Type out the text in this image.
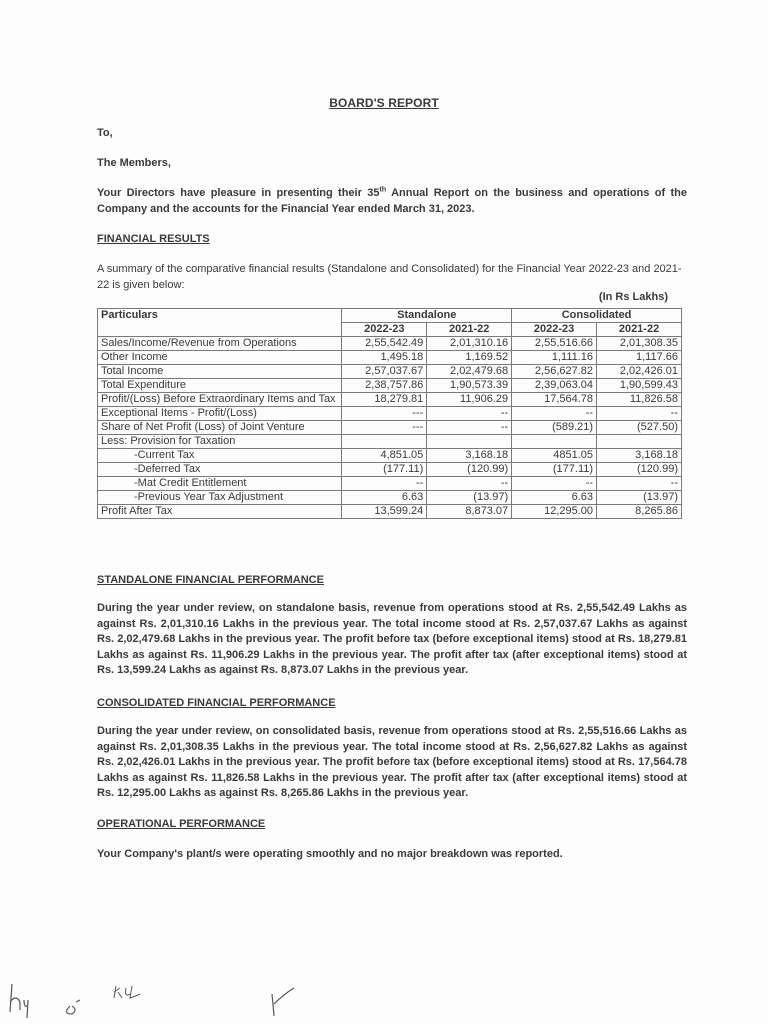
BOARD'S REPORT
To,
The Members,
Your Directors have pleasure in presenting their 35th Annual Report on the business and operations of the Company and the accounts for the Financial Year ended March 31, 2023.
FINANCIAL RESULTS
A summary of the comparative financial results (Standalone and Consolidated) for the Financial Year 2022-23 and 2021-22 is given below:
(In Rs Lakhs)
Particulars	Standalone		Consolidated	
	2022-23	2021-22	2022-23	2021-22
Sales/Income/Revenue from Operations	2,55,542.49	2,01,310.16	2,55,516.66	2,01,308.35
Other Income	1,495.18	1,169.52	1,111.16	1,117.66
Total Income	2,57,037.67	2,02,479.68	2,56,627.82	2,02,426.01
Total Expenditure	2,38,757.86	1,90,573.39	2,39,063.04	1,90,599.43
Profit/(Loss) Before Extraordinary Items and Tax	18,279.81	11,906.29	17,564.78	11,826.58
Exceptional Items - Profit/(Loss)	---	--	--	--
Share of Net Profit (Loss) of Joint Venture	---	--	(589.21)	(527.50)
Less: Provision for Taxation				
-Current Tax	4,851.05	3,168.18	4851.05	3,168.18
-Deferred Tax	(177.11)	(120.99)	(177.11)	(120.99)
-Mat Credit Entitlement	--	--	--	--
-Previous Year Tax Adjustment	6.63	(13.97)	6.63	(13.97)
Profit After Tax	13,599.24	8,873.07	12,295.00	8,265.86
STANDALONE FINANCIAL PERFORMANCE
During the year under review, on standalone basis, revenue from operations stood at Rs. 2,55,542.49 Lakhs as against Rs. 2,01,310.16 Lakhs in the previous year. The total income stood at Rs. 2,57,037.67 Lakhs as against Rs. 2,02,479.68 Lakhs in the previous year. The profit before tax (before exceptional items) stood at Rs. 18,279.81 Lakhs as against Rs. 11,906.29 Lakhs in the previous year. The profit after tax (after exceptional items) stood at Rs. 13,599.24 Lakhs as against Rs. 8,873.07 Lakhs in the previous year.
CONSOLIDATED FINANCIAL PERFORMANCE
During the year under review, on consolidated basis, revenue from operations stood at Rs. 2,55,516.66 Lakhs as against Rs. 2,01,308.35 Lakhs in the previous year. The total income stood at Rs. 2,56,627.82 Lakhs as against Rs. 2,02,426.01 Lakhs in the previous year. The profit before tax (before exceptional items) stood at Rs. 17,564.78 Lakhs as against Rs. 11,826.58 Lakhs in the previous year. The profit after tax (after exceptional items) stood at Rs. 12,295.00 Lakhs as against Rs. 8,265.86 Lakhs in the previous year.
OPERATIONAL PERFORMANCE
Your Company's plant/s were operating smoothly and no major breakdown was reported.
